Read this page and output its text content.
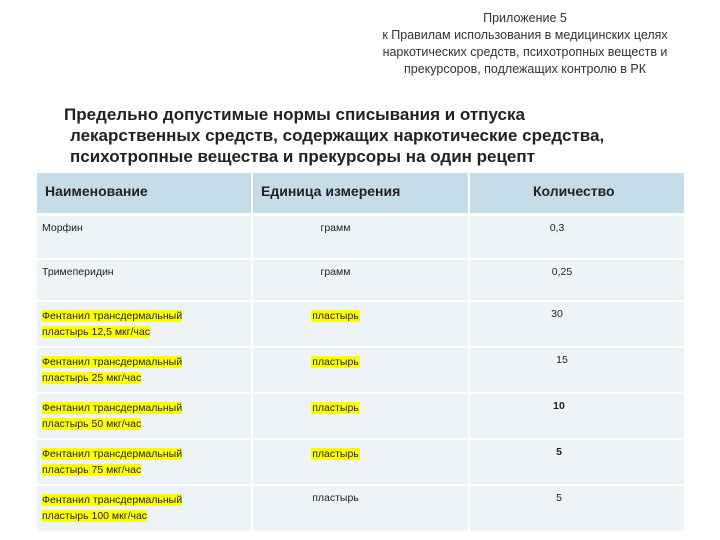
Приложение 5
к Правилам использования в медицинских целях
наркотических средств, психотропных веществ и
прекурсоров, подлежащих контролю в РК
Предельно допустимые нормы списывания и отпуска
лекарственных средств, содержащих наркотические средства,
психотропные вещества и прекурсоры на один рецепт
Наименование	Единица измерения	Количество
Морфин	грамм	0,3
Тримеперидин	грамм	0,25
Фентанил трансдермальный
пластырь 12,5 мкг/час	пластырь	30
Фентанил трансдермальный
пластырь 25 мкг/час	пластырь	15
Фентанил трансдермальный
пластырь 50 мкг/час	пластырь	10
Фентанил трансдермальный
пластырь 75 мкг/час	пластырь	5
Фентанил трансдермальный
пластырь 100 мкг/час	пластырь	5
